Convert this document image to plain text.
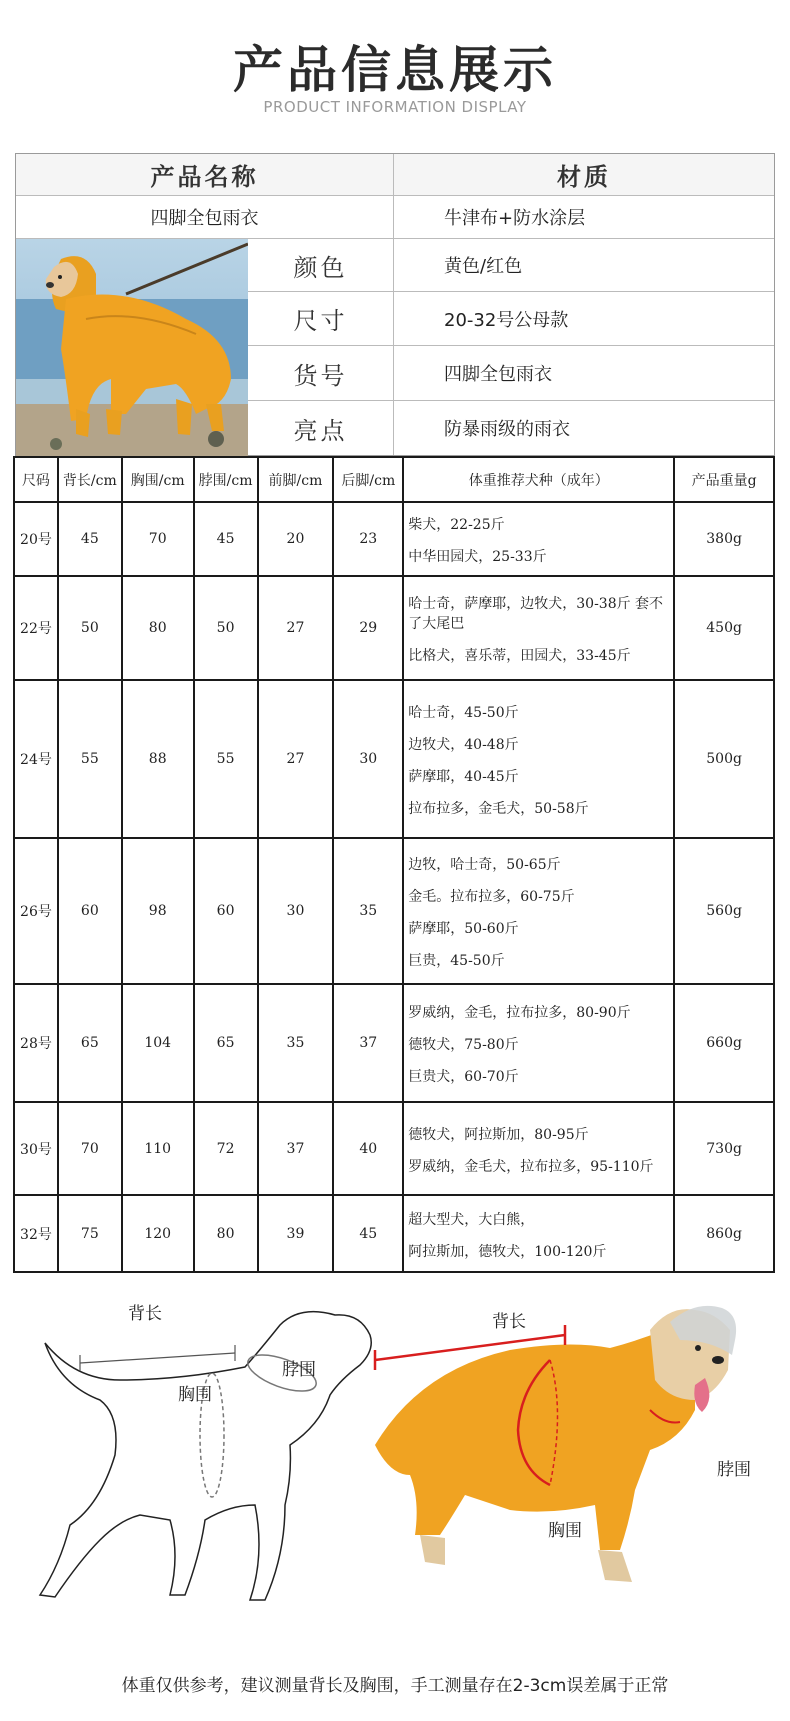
产品信息展示
PRODUCT INFORMATION DISPLAY
产品名称	材质
四脚全包雨衣	牛津布+防水涂层
颜色	黄色/红色
尺寸	20-32号公母款
货号	四脚全包雨衣
亮点	防暴雨级的雨衣
尺码	背长/cm	胸围/cm	脖围/cm	前脚/cm	后脚/cm	体重推荐犬种（成年）	产品重量g
20号	45	70	45	20	23	柴犬，22-25斤
中华田园犬，25-33斤	380g
22号	50	80	50	27	29	哈士奇，萨摩耶，边牧犬，30-38斤 套不了大尾巴
比格犬，喜乐蒂，田园犬，33-45斤	450g
24号	55	88	55	27	30	哈士奇，45-50斤
边牧犬，40-48斤
萨摩耶，40-45斤
拉布拉多，金毛犬，50-58斤	500g
26号	60	98	60	30	35	边牧，哈士奇，50-65斤
金毛。拉布拉多，60-75斤
萨摩耶，50-60斤
巨贵，45-50斤	560g
28号	65	104	65	35	37	罗威纳，金毛，拉布拉多，80-90斤
德牧犬，75-80斤
巨贵犬，60-70斤	660g
30号	70	110	72	37	40	德牧犬，阿拉斯加，80-95斤
罗威纳，金毛犬，拉布拉多，95-110斤	730g
32号	75	120	80	39	45	超大型犬，大白熊，
阿拉斯加，德牧犬，100-120斤	860g
背长
胸围
脖围
背长
胸围
脖围
体重仅供参考，建议测量背长及胸围，手工测量存在2-3cm误差属于正常
